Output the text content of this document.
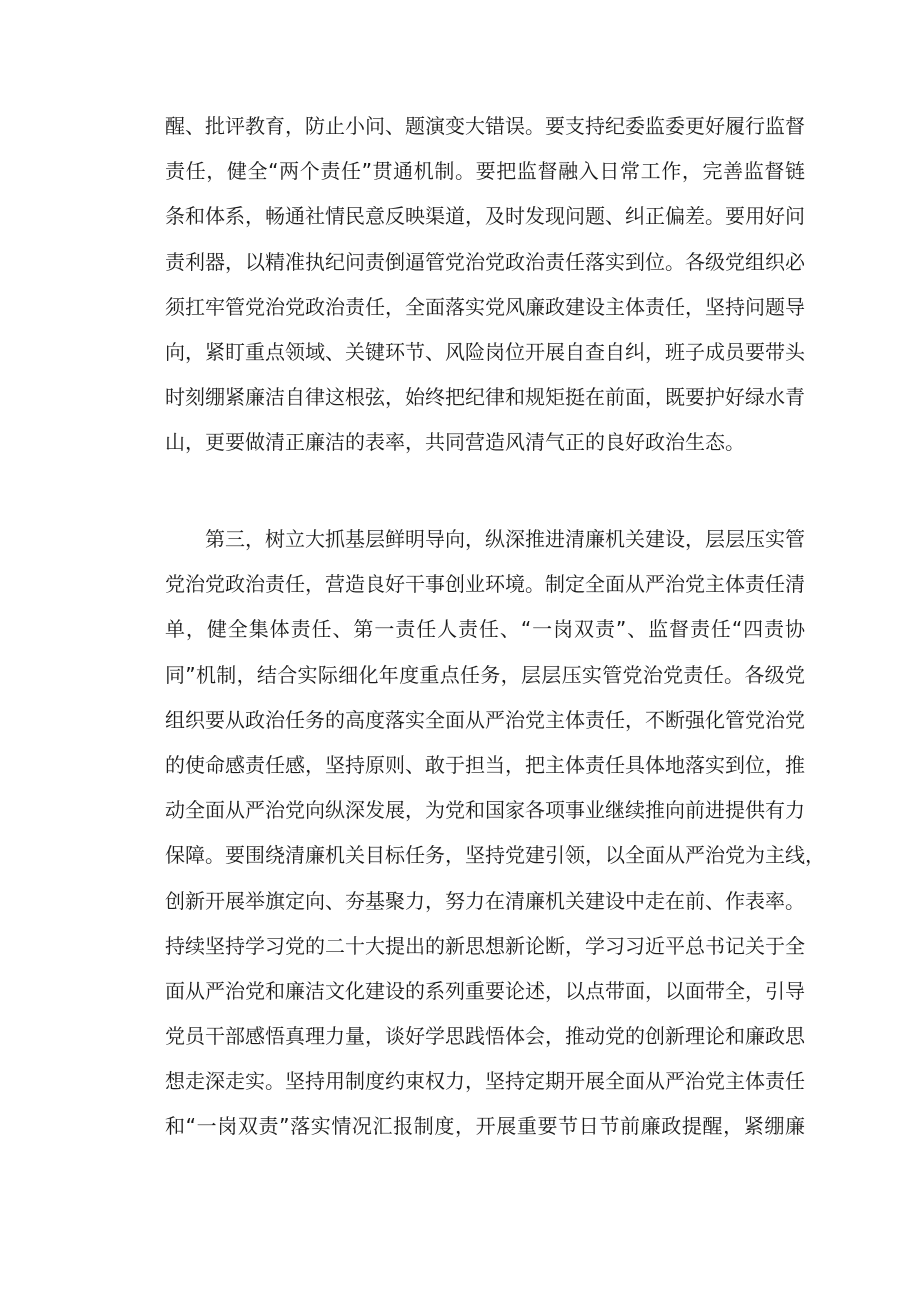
醒、批评教育，防止小问、题演变大错误。要支持纪委监委更好履行监督
责任，健全“两个责任”贯通机制。要把监督融入日常工作，完善监督链
条和体系，畅通社情民意反映渠道，及时发现问题、纠正偏差。要用好问
责利器，以精准执纪问责倒逼管党治党政治责任落实到位。各级党组织必
须扛牢管党治党政治责任，全面落实党风廉政建设主体责任，坚持问题导
向，紧盯重点领域、关键环节、风险岗位开展自查自纠，班子成员要带头
时刻绷紧廉洁自律这根弦，始终把纪律和规矩挺在前面，既要护好绿水青
山，更要做清正廉洁的表率，共同营造风清气正的良好政治生态。

　　第三，树立大抓基层鲜明导向，纵深推进清廉机关建设，层层压实管
党治党政治责任，营造良好干事创业环境。制定全面从严治党主体责任清
单，健全集体责任、第一责任人责任、“一岗双责”、监督责任“四责协
同”机制，结合实际细化年度重点任务，层层压实管党治党责任。各级党
组织要从政治任务的高度落实全面从严治党主体责任，不断强化管党治党
的使命感责任感，坚持原则、敢于担当，把主体责任具体地落实到位，推
动全面从严治党向纵深发展，为党和国家各项事业继续推向前进提供有力
保障。要围绕清廉机关目标任务，坚持党建引领，以全面从严治党为主线，
创新开展举旗定向、夯基聚力，努力在清廉机关建设中走在前、作表率。
持续坚持学习党的二十大提出的新思想新论断，学习习近平总书记关于全
面从严治党和廉洁文化建设的系列重要论述，以点带面，以面带全，引导
党员干部感悟真理力量，谈好学思践悟体会，推动党的创新理论和廉政思
想走深走实。坚持用制度约束权力，坚持定期开展全面从严治党主体责任
和“一岗双责”落实情况汇报制度，开展重要节日节前廉政提醒，紧绷廉
